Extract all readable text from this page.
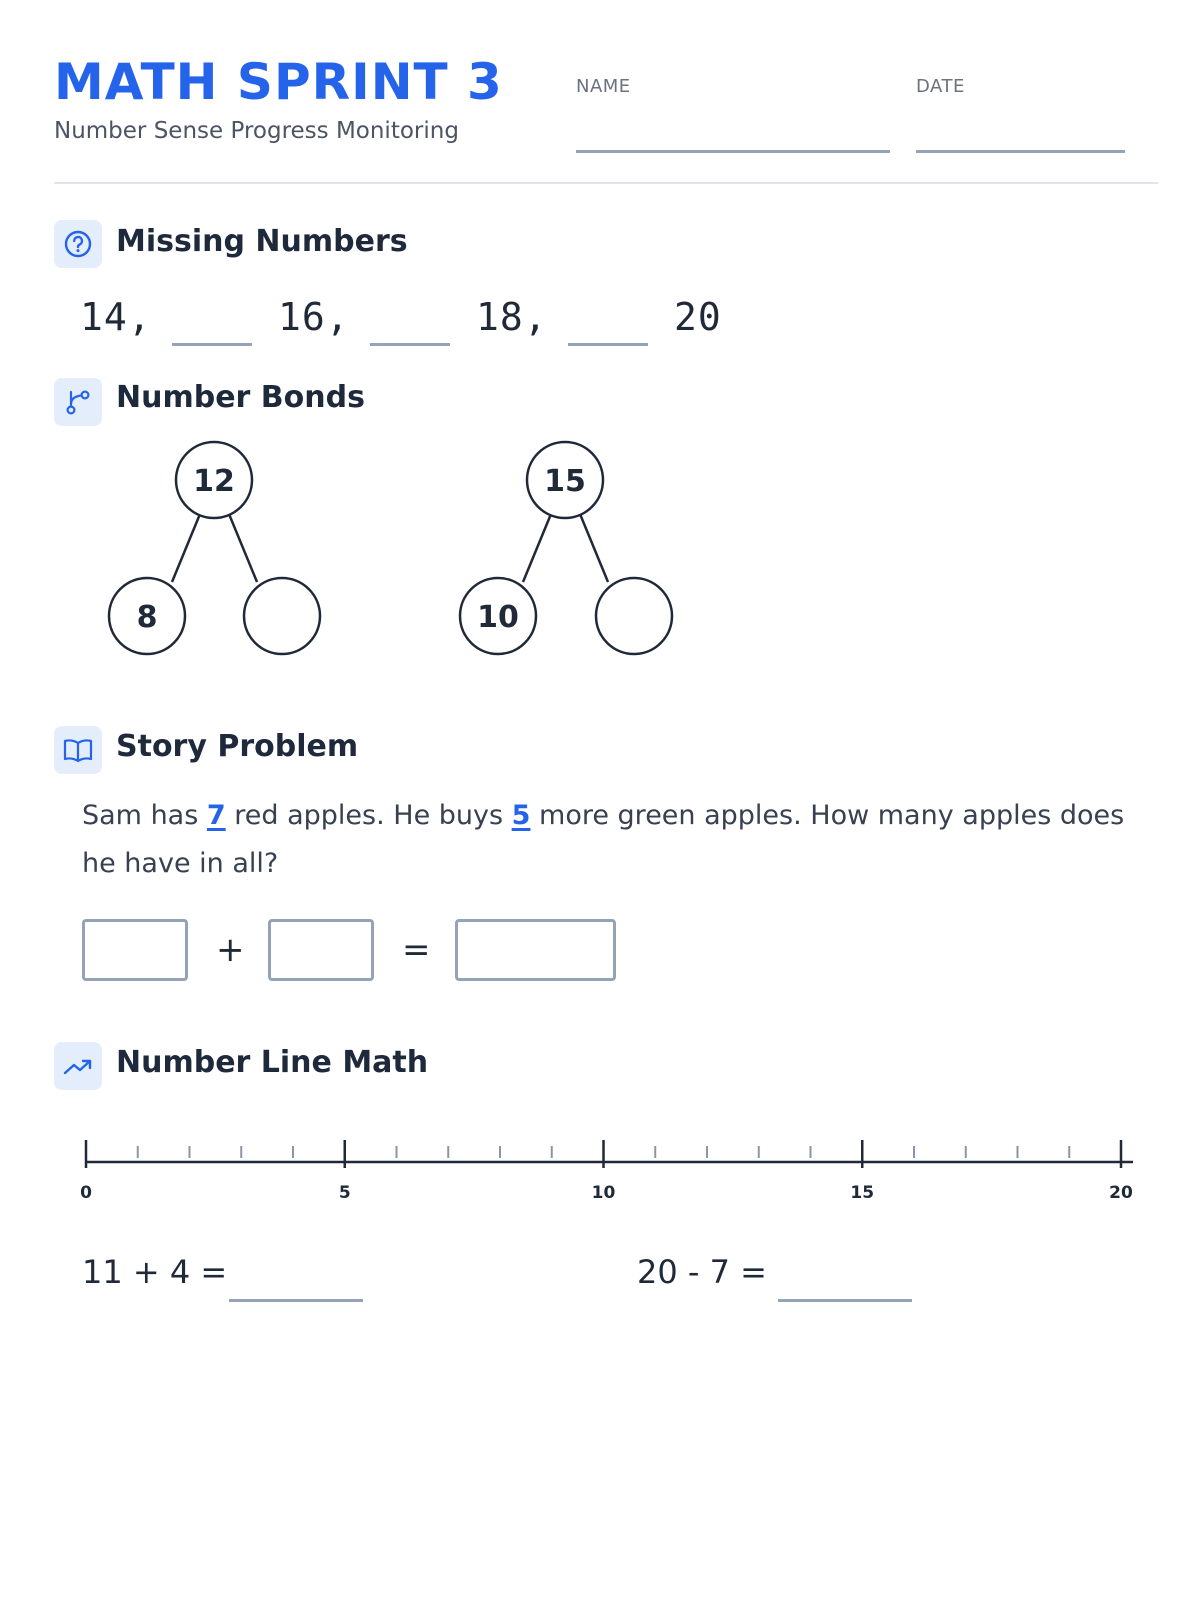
MATH SPRINT 3
Number Sense Progress Monitoring
NAME	DATE
Missing Numbers
14,	16,	18,	20
Number Bonds
12
8
15
10
Story Problem
Sam has 7 red apples. He buys 5 more green apples. How many apples does he have in all?
+	=
Number Line Math
0	5	10	15	20
11 + 4 =	20 - 7 =
